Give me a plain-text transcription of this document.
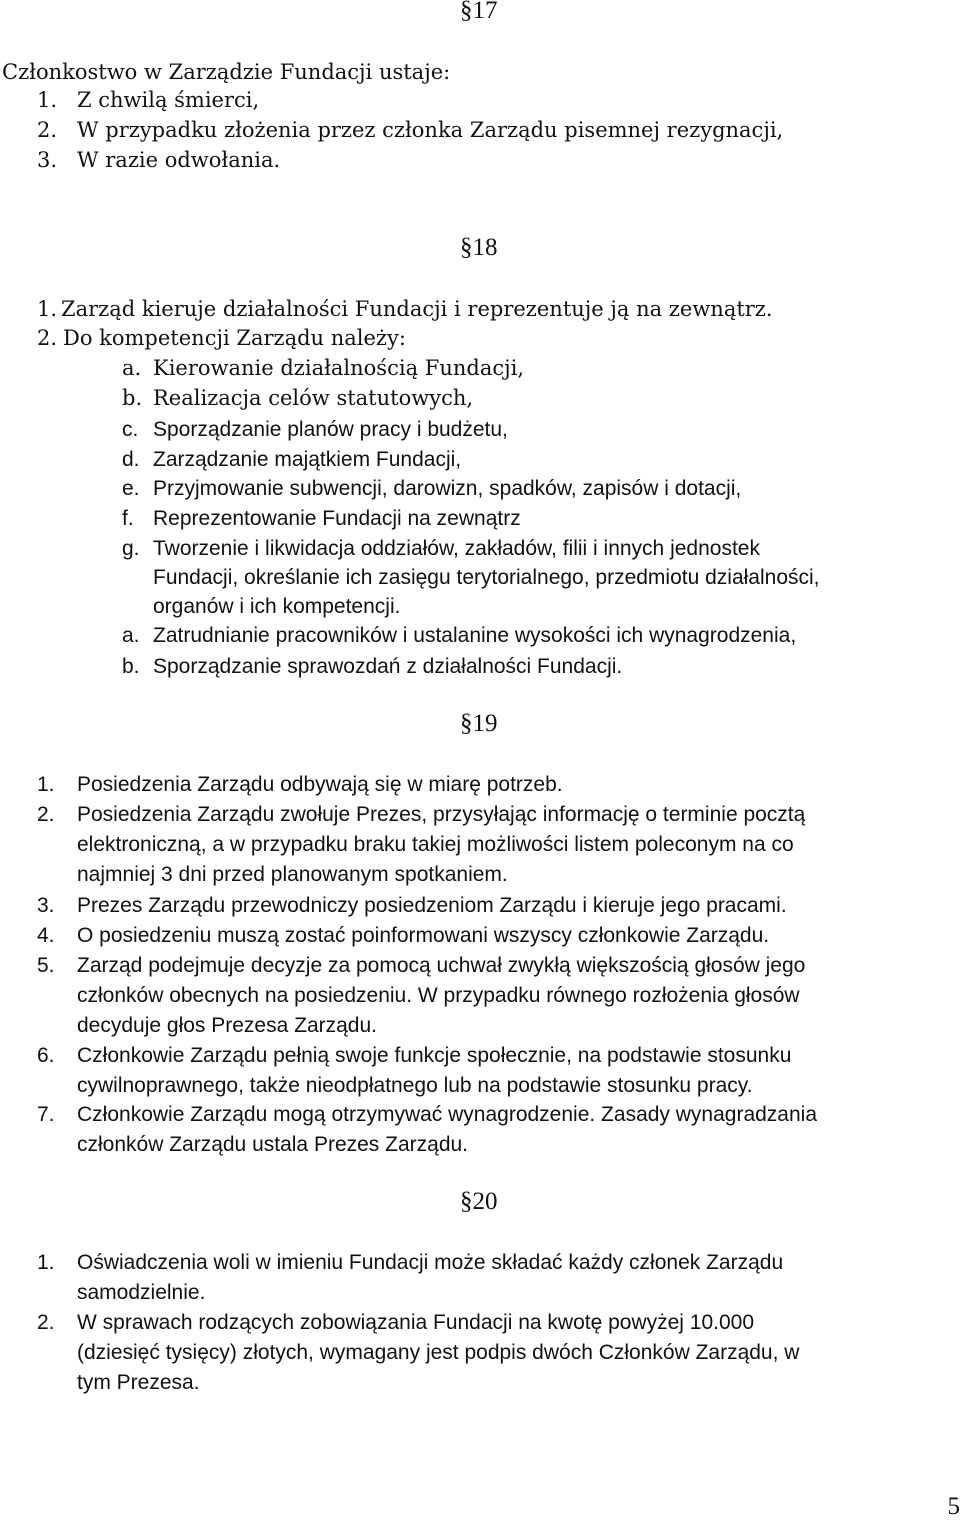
§17
Członkostwo w Zarządzie Fundacji ustaje:
1. Z chwilą śmierci,
2. W przypadku złożenia przez członka Zarządu pisemnej rezygnacji,
3. W razie odwołania.
§18
1. Zarząd kieruje działalności Fundacji i reprezentuje ją na zewnątrz.
2. Do kompetencji Zarządu należy:
a. Kierowanie działalnością Fundacji,
b. Realizacja celów statutowych,
c. Sporządzanie planów pracy i budżetu,
d. Zarządzanie majątkiem Fundacji,
e. Przyjmowanie subwencji, darowizn, spadków, zapisów i dotacji,
f. Reprezentowanie Fundacji na zewnątrz
g. Tworzenie i likwidacja oddziałów, zakładów, filii i innych jednostek
Fundacji, określanie ich zasięgu terytorialnego, przedmiotu działalności,
organów i ich kompetencji.
a. Zatrudnianie pracowników i ustalanine wysokości ich wynagrodzenia,
b. Sporządzanie sprawozdań z działalności Fundacji.
§19
1. Posiedzenia Zarządu odbywają się w miarę potrzeb.
2. Posiedzenia Zarządu zwołuje Prezes, przysyłając informację o terminie pocztą
elektroniczną, a w przypadku braku takiej możliwości listem poleconym na co
najmniej 3 dni przed planowanym spotkaniem.
3. Prezes Zarządu przewodniczy posiedzeniom Zarządu i kieruje jego pracami.
4. O posiedzeniu muszą zostać poinformowani wszyscy członkowie Zarządu.
5. Zarząd podejmuje decyzje za pomocą uchwał zwykłą większością głosów jego
członków obecnych na posiedzeniu. W przypadku równego rozłożenia głosów
decyduje głos Prezesa Zarządu.
6. Członkowie Zarządu pełnią swoje funkcje społecznie, na podstawie stosunku
cywilnoprawnego, także nieodpłatnego lub na podstawie stosunku pracy.
7. Członkowie Zarządu mogą otrzymywać wynagrodzenie. Zasady wynagradzania
członków Zarządu ustala Prezes Zarządu.
§20
1. Oświadczenia woli w imieniu Fundacji może składać każdy członek Zarządu
samodzielnie.
2. W sprawach rodzących zobowiązania Fundacji na kwotę powyżej 10.000
(dziesięć tysięcy) złotych, wymagany jest podpis dwóch Członków Zarządu, w
tym Prezesa.
5
